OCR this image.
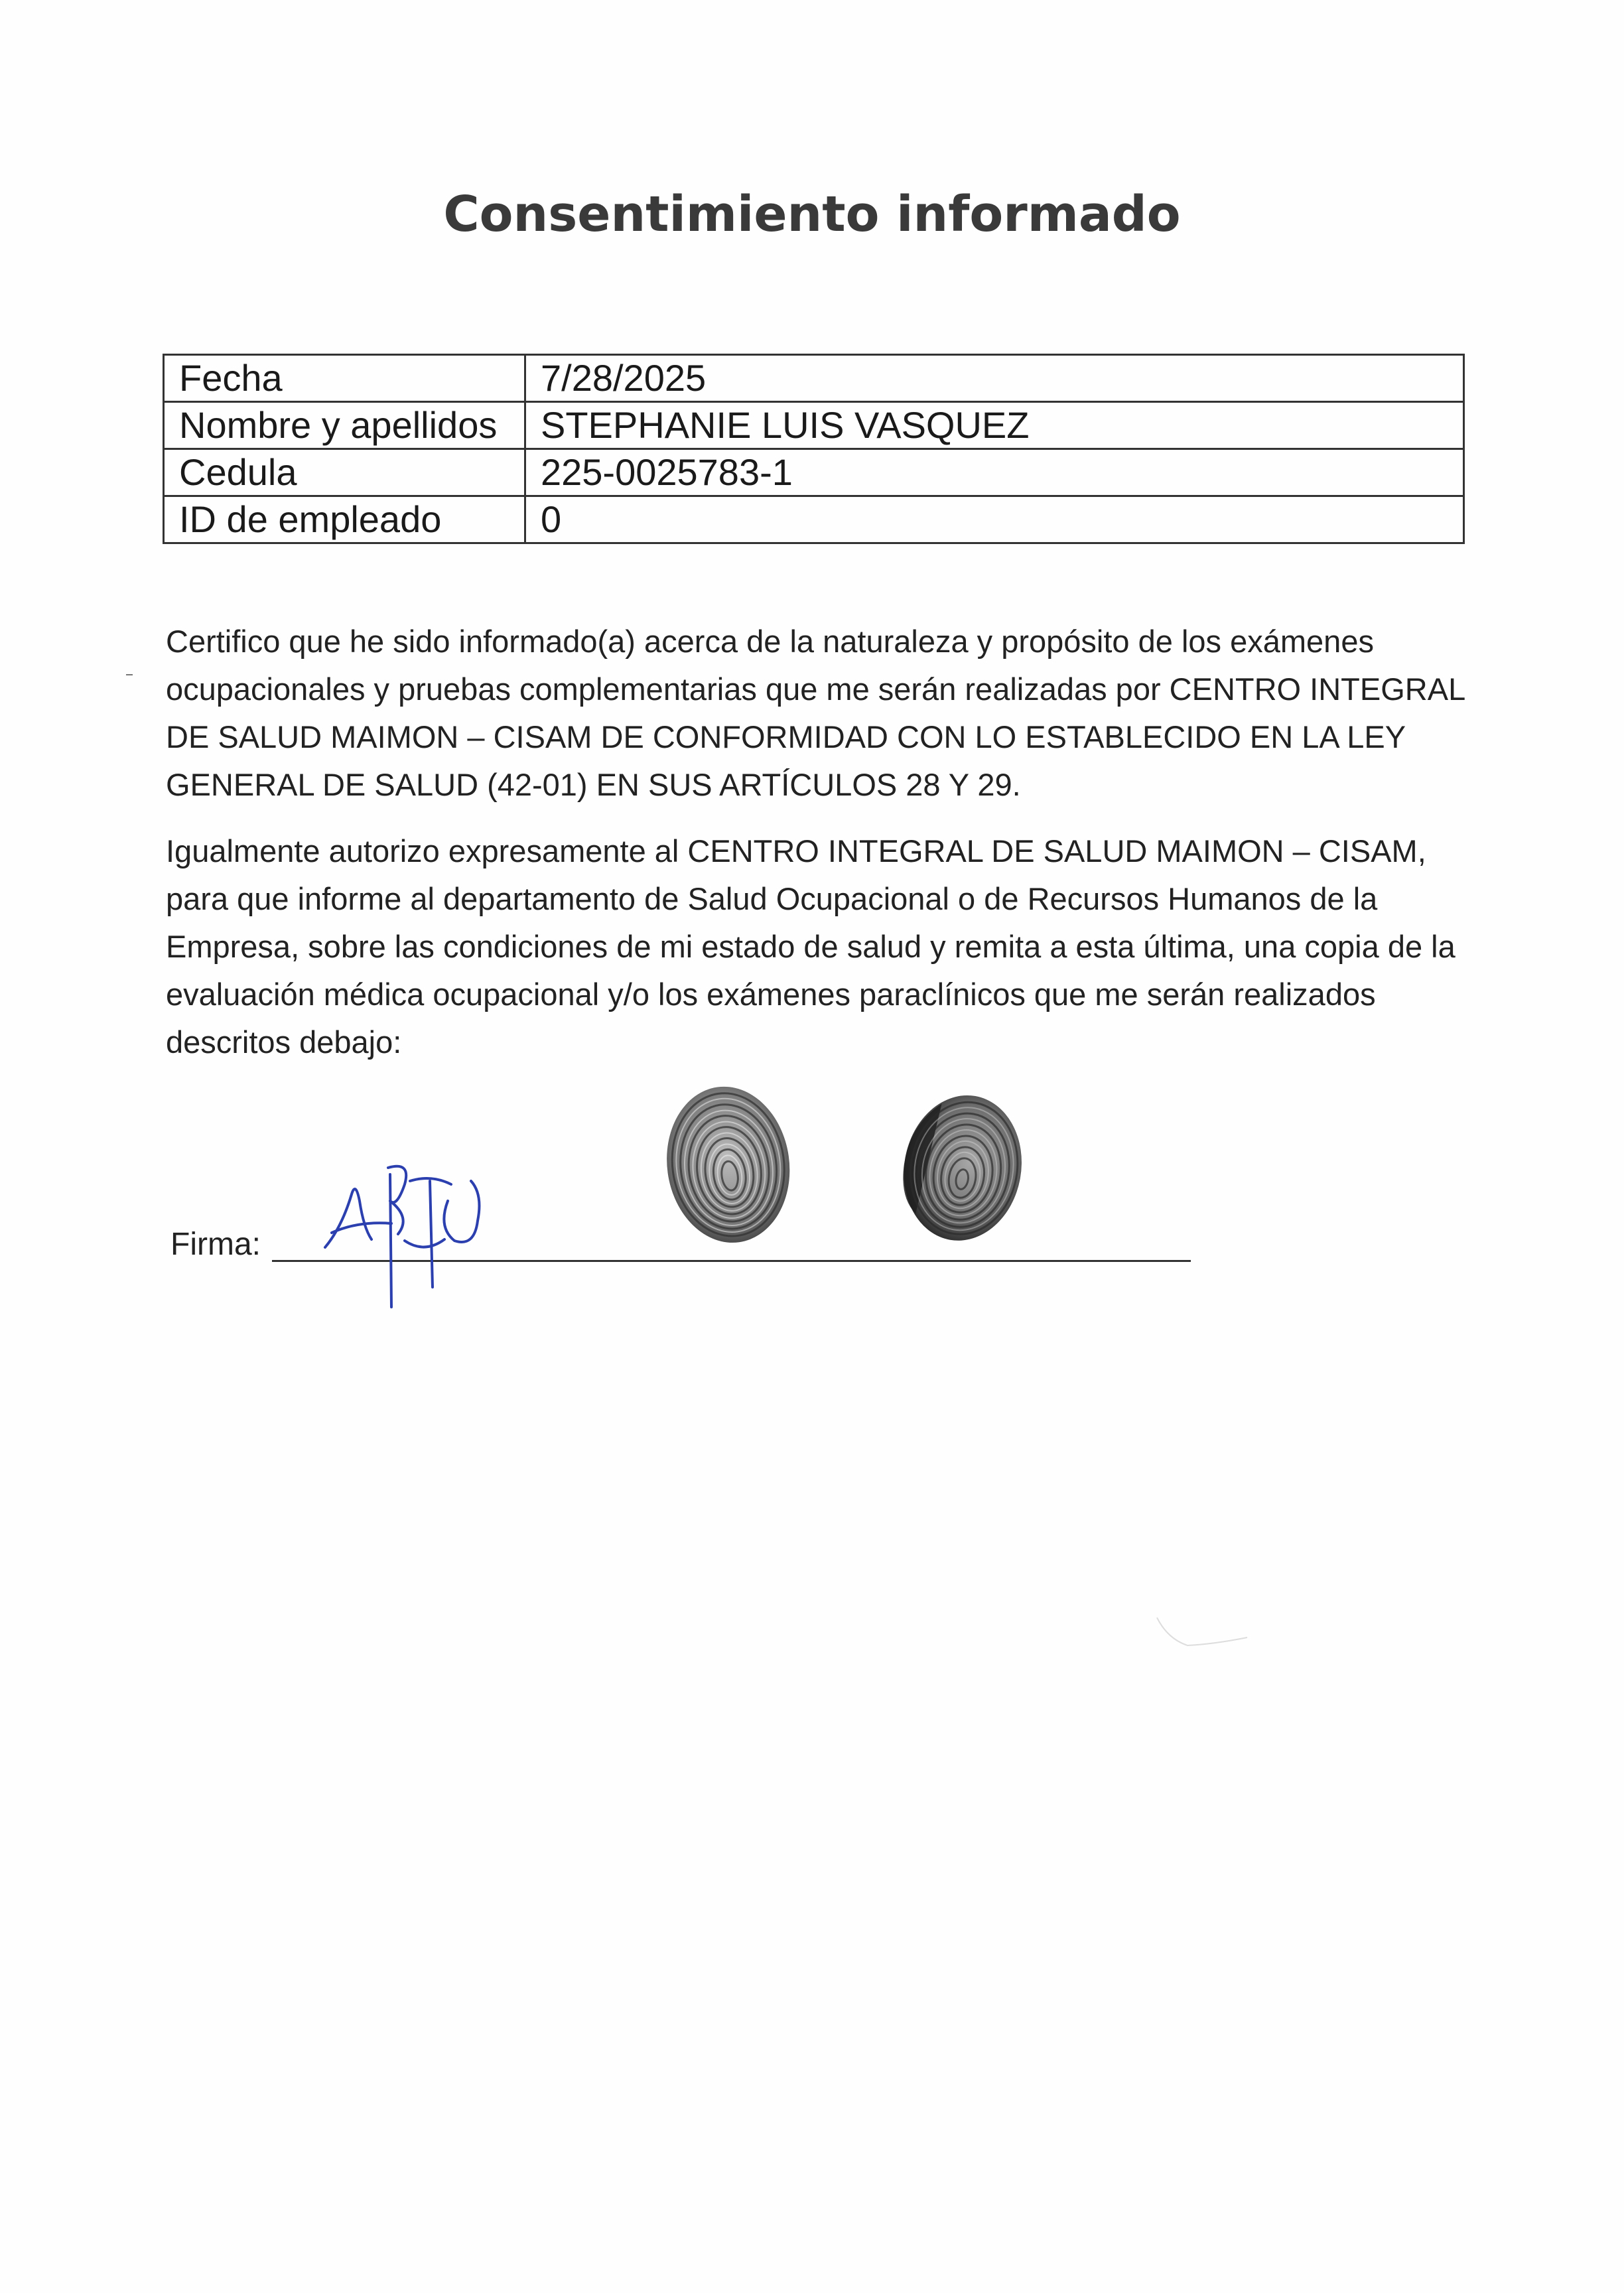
Consentimiento informado
Fecha	7/28/2025
Nombre y apellidos	STEPHANIE LUIS VASQUEZ
Cedula	225-0025783-1
ID de empleado	0

Certifico que he sido informado(a) acerca de la naturaleza y propósito de los exámenes ocupacionales y pruebas complementarias que me serán realizadas por CENTRO INTEGRAL DE SALUD MAIMON – CISAM DE CONFORMIDAD CON LO ESTABLECIDO EN LA LEY GENERAL DE SALUD (42-01) EN SUS ARTÍCULOS 28 Y 29.

Igualmente autorizo expresamente al CENTRO INTEGRAL DE SALUD MAIMON – CISAM, para que informe al departamento de Salud Ocupacional o de Recursos Humanos de la Empresa, sobre las condiciones de mi estado de salud y remita a esta última, una copia de la evaluación médica ocupacional y/o los exámenes paraclínicos que me serán realizados descritos debajo:

Firma:
